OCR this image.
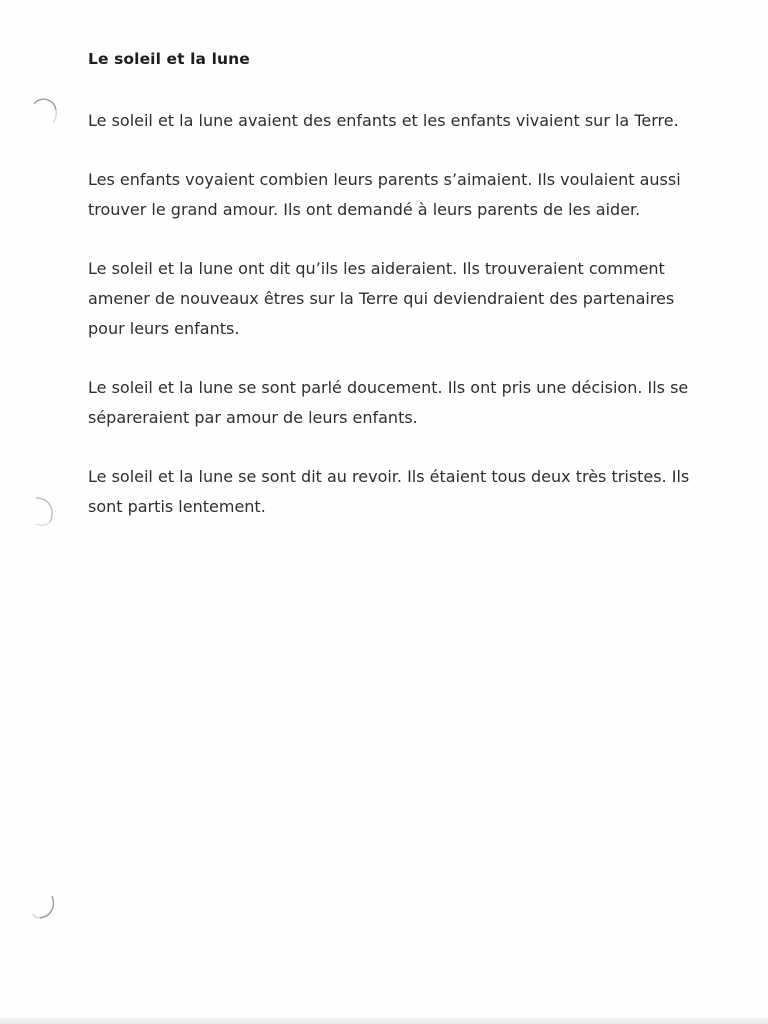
Le soleil et la lune

Le soleil et la lune avaient des enfants et les enfants vivaient sur la Terre.

Les enfants voyaient combien leurs parents s’aimaient. Ils voulaient aussi trouver le grand amour. Ils ont demandé à leurs parents de les aider.

Le soleil et la lune ont dit qu’ils les aideraient. Ils trouveraient comment amener de nouveaux êtres sur la Terre qui deviendraient des partenaires pour leurs enfants.

Le soleil et la lune se sont parlé doucement. Ils ont pris une décision. Ils se sépareraient par amour de leurs enfants.

Le soleil et la lune se sont dit au revoir. Ils étaient tous deux très tristes. Ils sont partis lentement.
